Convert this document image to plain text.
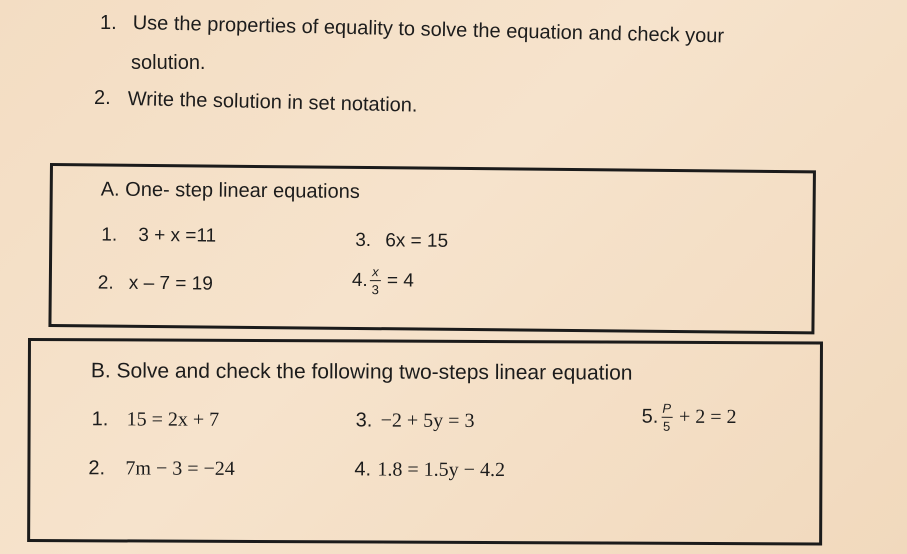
1. Use the properties of equality to solve the equation and check your
solution.
2. Write the solution in set notation.
A. One- step linear equations
1. 3 + x =11	3. 6x = 15
2. x – 7 = 19	4. $\frac{x}{3} = 4$
B. Solve and check the following two-steps linear equation
1. 15 = 2x + 7	3. −2 + 5y = 3	5. $\frac{P}{5} + 2 = 2$
2. 7m − 3 = −24	4. 1.8 = 1.5y − 4.2
